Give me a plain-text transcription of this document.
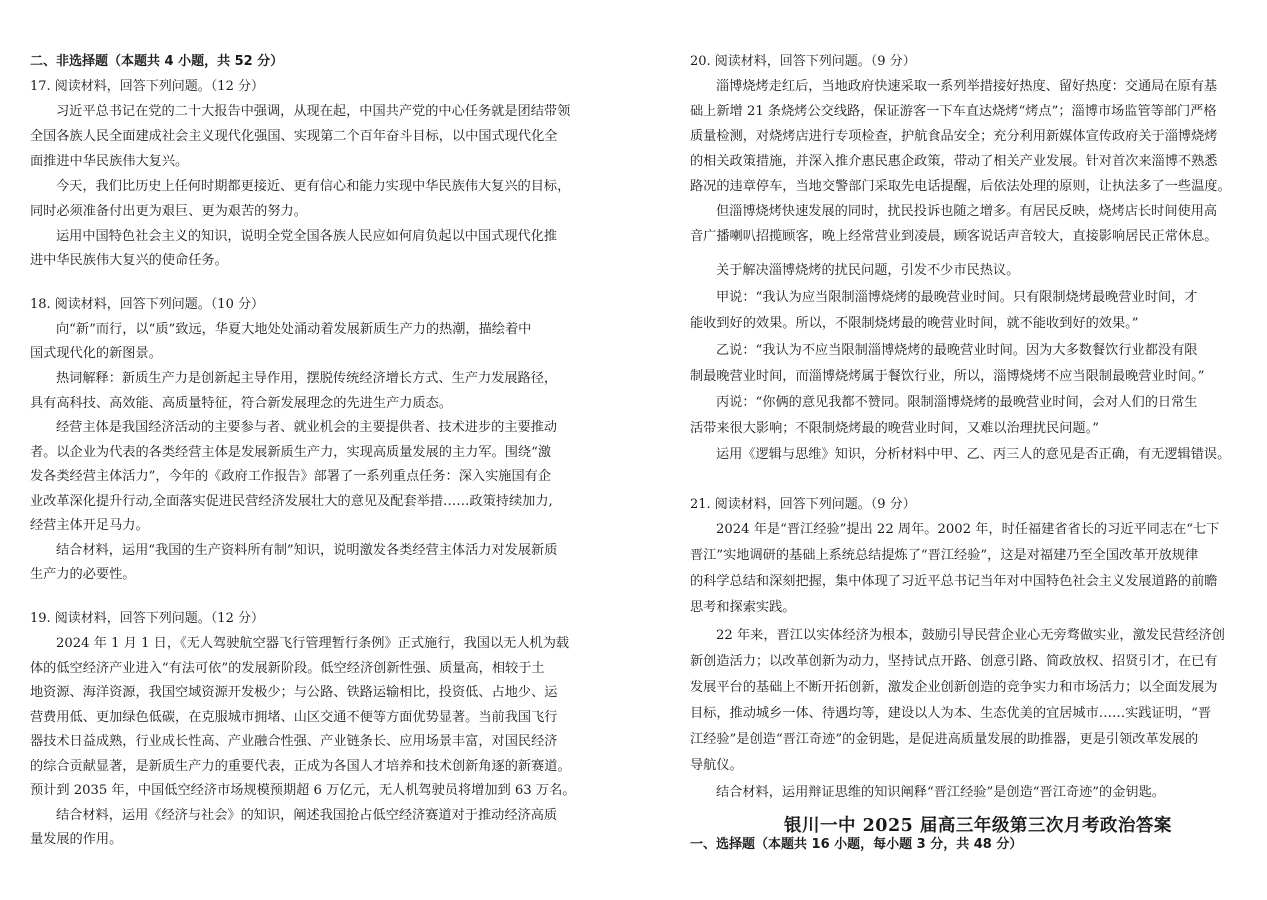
二、非选择题（本题共 4 小题，共 52 分）
17. 阅读材料，回答下列问题。（12 分）
习近平总书记在党的二十大报告中强调，从现在起，中国共产党的中心任务就是团结带领
全国各族人民全面建成社会主义现代化强国、实现第二个百年奋斗目标，以中国式现代化全
面推进中华民族伟大复兴。
今天，我们比历史上任何时期都更接近、更有信心和能力实现中华民族伟大复兴的目标，
同时必须准备付出更为艰巨、更为艰苦的努力。
运用中国特色社会主义的知识，说明全党全国各族人民应如何肩负起以中国式现代化推
进中华民族伟大复兴的使命任务。
18. 阅读材料，回答下列问题。（10 分）
向“新”而行，以“质”致远，华夏大地处处涌动着发展新质生产力的热潮，描绘着中
国式现代化的新图景。
热词解释：新质生产力是创新起主导作用，摆脱传统经济增长方式、生产力发展路径，
具有高科技、高效能、高质量特征，符合新发展理念的先进生产力质态。
经营主体是我国经济活动的主要参与者、就业机会的主要提供者、技术进步的主要推动
者。以企业为代表的各类经营主体是发展新质生产力，实现高质量发展的主力军。围绕“激
发各类经营主体活力”，今年的《政府工作报告》部署了一系列重点任务：深入实施国有企
业改革深化提升行动,全面落实促进民营经济发展壮大的意见及配套举措……政策持续加力,
经营主体开足马力。
结合材料，运用“我国的生产资料所有制”知识，说明激发各类经营主体活力对发展新质
生产力的必要性。
19. 阅读材料，回答下列问题。（12 分）
2024 年 1 月 1 日，《无人驾驶航空器飞行管理暂行条例》正式施行，我国以无人机为载
体的低空经济产业进入“有法可依”的发展新阶段。低空经济创新性强、质量高，相较于土
地资源、海洋资源，我国空域资源开发极少；与公路、铁路运输相比，投资低、占地少、运
营费用低、更加绿色低碳，在克服城市拥堵、山区交通不便等方面优势显著。当前我国飞行
器技术日益成熟，行业成长性高、产业融合性强、产业链条长、应用场景丰富，对国民经济
的综合贡献显著，是新质生产力的重要代表，正成为各国人才培养和技术创新角逐的新赛道。
预计到 2035 年，中国低空经济市场规模预期超 6 万亿元，无人机驾驶员将增加到 63 万名。
结合材料，运用《经济与社会》的知识，阐述我国抢占低空经济赛道对于推动经济高质
量发展的作用。
20. 阅读材料，回答下列问题。（9 分）
淄博烧烤走红后，当地政府快速采取一系列举措接好热度、留好热度：交通局在原有基
础上新增 21 条烧烤公交线路，保证游客一下车直达烧烤“烤点”；淄博市场监管等部门严格
质量检测，对烧烤店进行专项检查，护航食品安全；充分利用新媒体宣传政府关于淄博烧烤
的相关政策措施，并深入推介惠民惠企政策，带动了相关产业发展。针对首次来淄博不熟悉
路况的违章停车，当地交警部门采取先电话提醒，后依法处理的原则，让执法多了一些温度。
但淄博烧烤快速发展的同时，扰民投诉也随之增多。有居民反映，烧烤店长时间使用高
音广播喇叭招揽顾客，晚上经常营业到凌晨，顾客说话声音较大，直接影响居民正常休息。
关于解决淄博烧烤的扰民问题，引发不少市民热议。
甲说：“我认为应当限制淄博烧烤的最晚营业时间。只有限制烧烤最晚营业时间，才
能收到好的效果。所以，不限制烧烤最的晚营业时间，就不能收到好的效果。”
乙说：“我认为不应当限制淄博烧烤的最晚营业时间。因为大多数餐饮行业都没有限
制最晚营业时间，而淄博烧烤属于餐饮行业，所以，淄博烧烤不应当限制最晚营业时间。”
丙说：“你俩的意见我都不赞同。限制淄博烧烤的最晚营业时间，会对人们的日常生
活带来很大影响；不限制烧烤最的晚营业时间，又难以治理扰民问题。”
运用《逻辑与思维》知识，分析材料中甲、乙、丙三人的意见是否正确，有无逻辑错误。
21. 阅读材料，回答下列问题。（9 分）
2024 年是“晋江经验”提出 22 周年。2002 年，时任福建省省长的习近平同志在“七下
晋江”实地调研的基础上系统总结提炼了“晋江经验”，这是对福建乃至全国改革开放规律
的科学总结和深刻把握，集中体现了习近平总书记当年对中国特色社会主义发展道路的前瞻
思考和探索实践。
22 年来，晋江以实体经济为根本，鼓励引导民营企业心无旁骛做实业，激发民营经济创
新创造活力；以改革创新为动力，坚持试点开路、创意引路、简政放权、招贤引才，在已有
发展平台的基础上不断开拓创新，激发企业创新创造的竞争实力和市场活力；以全面发展为
目标，推动城乡一体、待遇均等，建设以人为本、生态优美的宜居城市……实践证明，“晋
江经验”是创造“晋江奇迹”的金钥匙，是促进高质量发展的助推器，更是引领改革发展的
导航仪。
结合材料，运用辩证思维的知识阐释“晋江经验”是创造“晋江奇迹”的金钥匙。
银川一中 2025 届高三年级第三次月考政治答案
一、选择题（本题共 16 小题，每小题 3 分，共 48 分）
